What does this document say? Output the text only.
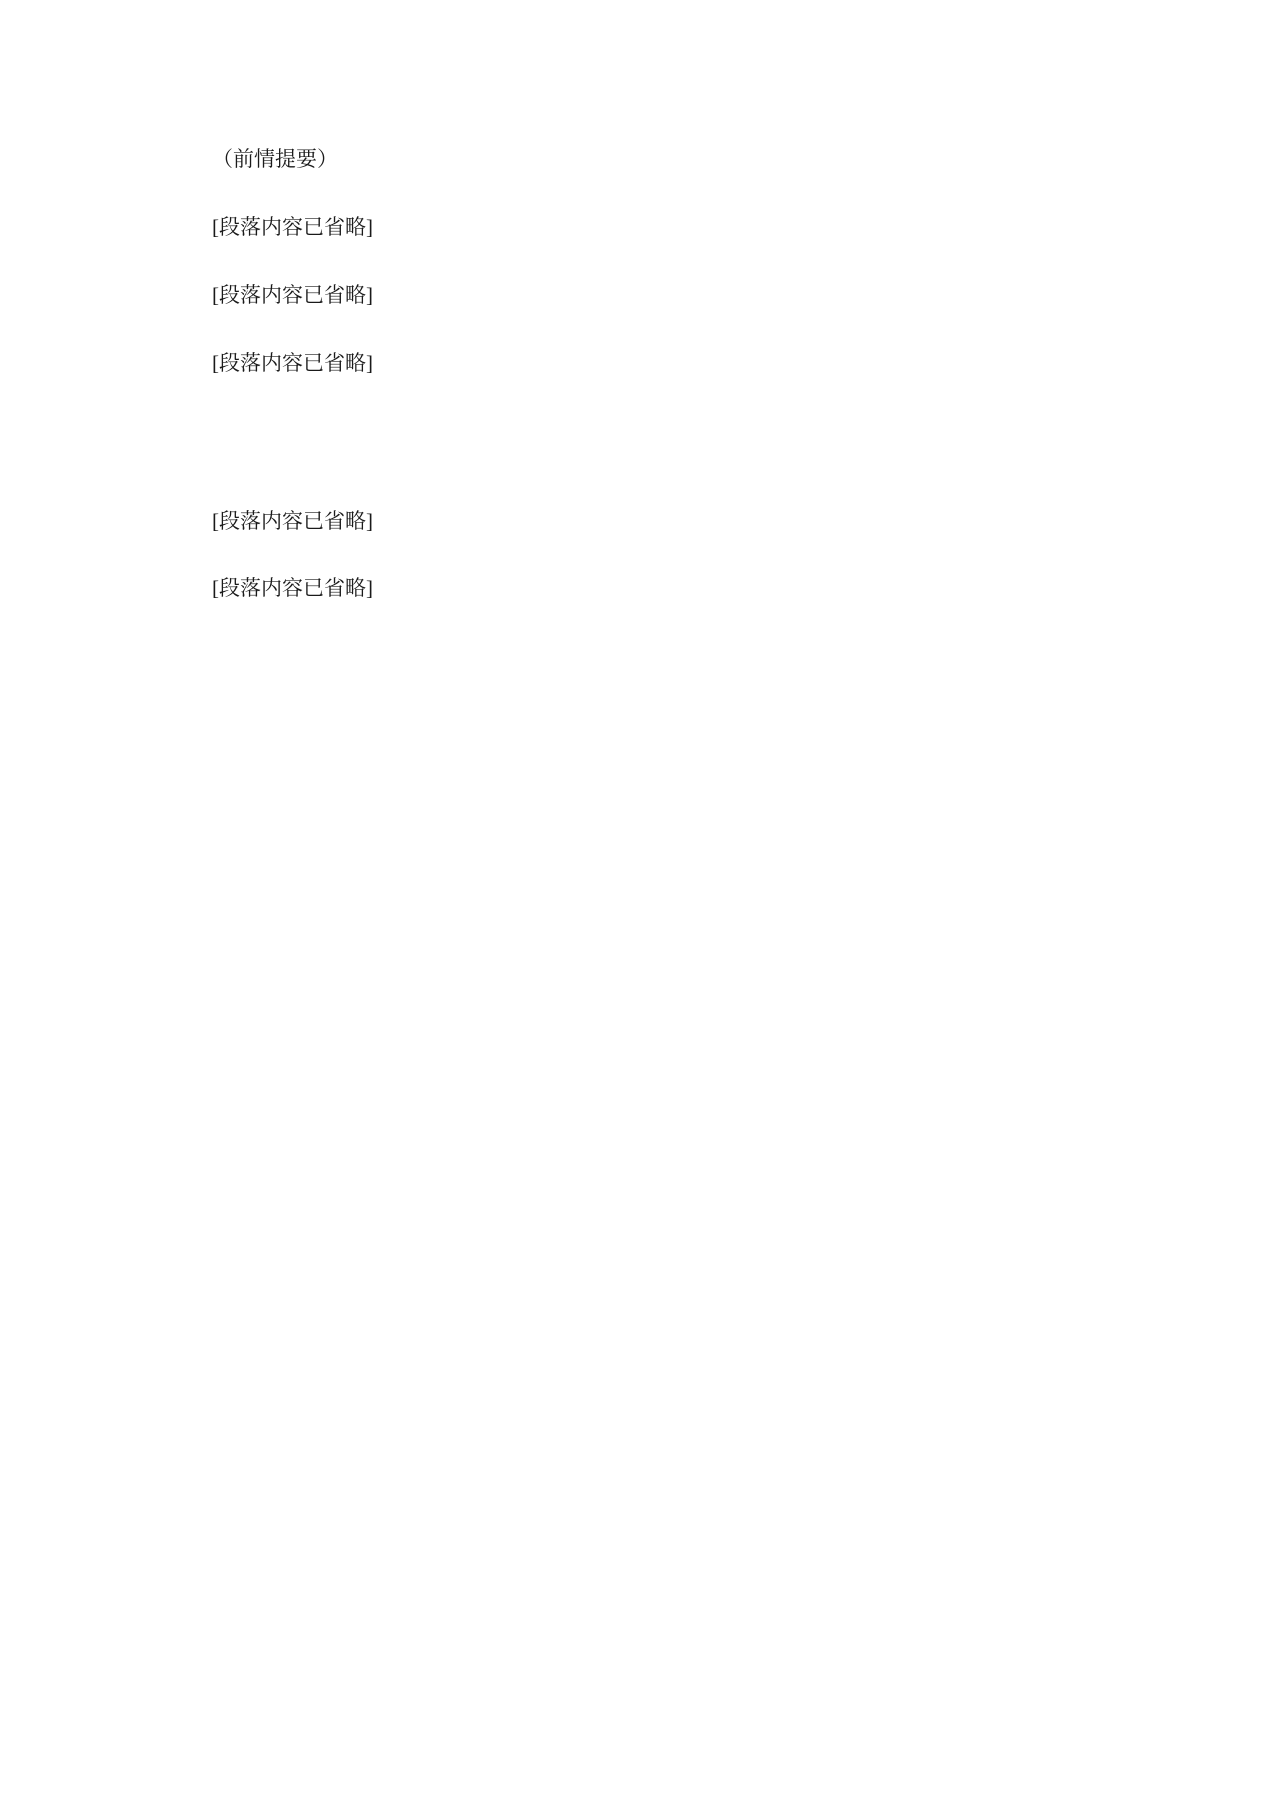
（前情提要）

[段落内容已省略]

[段落内容已省略]

[段落内容已省略]

[段落内容已省略]

[段落内容已省略]
